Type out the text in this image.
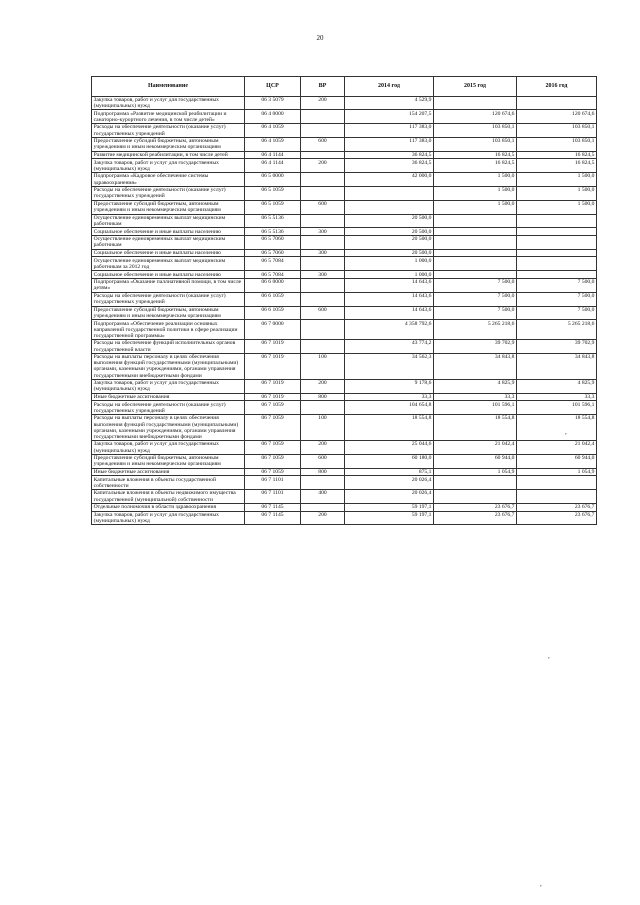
20
Наименование	ЦСР	ВР	2014 год	2015 год	2016 год
Закупка товаров, работ и услуг для государственных (муниципальных) нужд	06 3 5079	200	4 529,9		
Подпрограмма «Развитие медицинской реабилитации и санаторно-курортного лечения, в том числе детей»	06 4 0000		154 207,5	120 674,6	120 674,6
Расходы на обеспечение деятельности (оказание услуг) государственных учреждений	06 4 1059		117 383,0	103 850,1	103 850,1
Предоставление субсидий бюджетным, автономным учреждениям и иным некоммерческим организациям	06 4 1059	600	117 383,0	103 850,1	103 850,1
Развитие медицинской реабилитации, в том числе детей	06 4 1144		36 824,5	16 824,5	16 824,5
Закупка товаров, работ и услуг для государственных (муниципальных) нужд	06 4 1144	200	36 824,5	16 824,5	16 824,5
Подпрограмма «Кадровое обеспечение системы здравоохранения»	06 5 0000		42 000,0	1 500,0	1 500,0
Расходы на обеспечение деятельности (оказание услуг) государственных учреждений	06 5 1059			1 500,0	1 500,0
Предоставление субсидий бюджетным, автономным учреждениям и иным некоммерческим организациям	06 5 1059	600		1 500,0	1 500,0
Осуществление единовременных выплат медицинским работникам	06 5 5136		20 500,0		
Социальное обеспечение и иные выплаты населению	06 5 5136	300	20 500,0		
Осуществление единовременных выплат медицинским работникам	06 5 7060		20 500,0		
Социальное обеспечение и иные выплаты населению	06 5 7060	300	20 500,0		
Осуществление единовременных выплат медицинским работникам за 2012 год	06 5 7084		1 000,0		
Социальное обеспечение и иные выплаты населению	06 5 7084	300	1 000,0		
Подпрограмма «Оказание паллиативной помощи, в том числе детям»	06 6 0000		14 643,6	7 500,0	7 500,0
Расходы на обеспечение деятельности (оказание услуг) государственных учреждений	06 6 1059		14 643,6	7 500,0	7 500,0
Предоставление субсидий бюджетным, автономным учреждениям и иным некоммерческим организациям	06 6 1059	600	14 643,6	7 500,0	7 500,0
Подпрограмма «Обеспечение реализации основных направлений государственной политики в сфере реализации государственной программы»	06 7 0000		4 358 792,6	5 265 218,6	5 265 218,6
Расходы на обеспечение функций исполнительных органов государственной власти	06 7 1019		43 774,2	39 702,9	39 702,9
Расходы на выплаты персоналу в целях обеспечения выполнения функций государственными (муниципальными) органами, казенными учреждениями, органами управления государственными внебюджетными фондами	06 7 1019	100	34 562,3	34 843,8	34 843,8
Закупка товаров, работ и услуг для государственных (муниципальных) нужд	06 7 1019	200	9 178,6	4 825,9	4 825,9
Иные бюджетные ассигнования	06 7 1019	800	33,3	33,3	33,3
Расходы на обеспечение деятельности (оказание услуг) государственных учреждений	06 7 1059		104 654,8	101 596,1	101 596,1
Расходы на выплаты персоналу в целях обеспечения выполнения функций государственными (муниципальными) органами, казенными учреждениями, органами управления государственными внебюджетными фондами	06 7 1059	100	18 554,8	18 554,8	18 554,8
Закупка товаров, работ и услуг для государственных (муниципальных) нужд	06 7 1059	200	25 044,6	21 042,4	21 042,4
Предоставление субсидий бюджетным, автономным учреждениям и иным некоммерческим организациям	06 7 1059	600	60 180,0	60 944,0	60 944,0
Иные бюджетные ассигнования	06 7 1059	800	875,1	1 054,9	1 054,9
Капитальные вложения в объекты государственной собственности	06 7 1101		20 026,4		
Капитальные вложения в объекты недвижимого имущества государственной (муниципальной) собственности	06 7 1101	400	20 026,4		
Отдельные полномочия в области здравоохранения	06 7 1145		59 197,1	23 676,7	23 676,7
Закупка товаров, работ и услуг для государственных (муниципальных) нужд	06 7 1145	200	59 197,1	23 676,7	23 676,7
,
,
,
